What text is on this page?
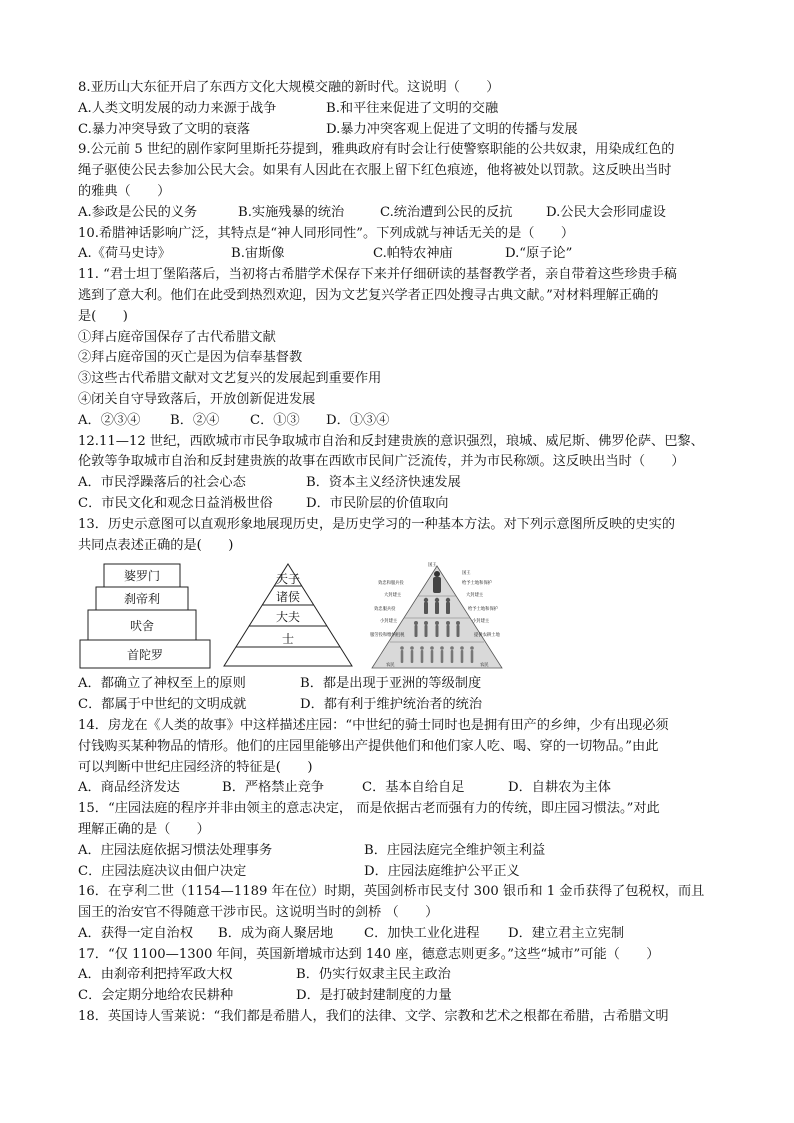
8.亚历山大东征开启了东西方文化大规模交融的新时代。这说明（　　）
A.人类文明发展的动力来源于战争	B.和平往来促进了文明的交融
C.暴力冲突导致了文明的衰落	D.暴力冲突客观上促进了文明的传播与发展
9.公元前 5 世纪的剧作家阿里斯托芬提到，雅典政府有时会让行使警察职能的公共奴隶，用染成红色的
绳子驱使公民去参加公民大会。如果有人因此在衣服上留下红色痕迹，他将被处以罚款。这反映出当时
的雅典（　　）
A.参政是公民的义务	B.实施残暴的统治	C.统治遭到公民的反抗	D.公民大会形同虚设
10.希腊神话影响广泛，其特点是“神人同形同性”。下列成就与神话无关的是（　　）
A.《荷马史诗》	B.宙斯像	C.帕特农神庙	D.“原子论”
11. “君士坦丁堡陷落后，当初将古希腊学术保存下来并仔细研读的基督教学者，亲自带着这些珍贵手稿
逃到了意大利。他们在此受到热烈欢迎，因为文艺复兴学者正四处搜寻古典文献。”对材料理解正确的
是(　　)
①拜占庭帝国保存了古代希腊文献
②拜占庭帝国的灭亡是因为信奉基督教
③这些古代希腊文献对文艺复兴的发展起到重要作用
④闭关自守导致落后，开放创新促进发展
A．②③④	B．②④	C．①③	D．①③④
12.11—12 世纪，西欧城市市民争取城市自治和反封建贵族的意识强烈，琅城、威尼斯、佛罗伦萨、巴黎、
伦敦等争取城市自治和反封建贵族的故事在西欧市民间广泛流传，并为市民称颂。这反映出当时（　　）
A．市民浮躁落后的社会心态	B．资本主义经济快速发展
C．市民文化和观念日益消极世俗	D．市民阶层的价值取向
13．历史示意图可以直观形象地展现历史，是历史学习的一种基本方法。对下列示意图所反映的史实的
共同点表述正确的是(　　)
婆罗门
刹帝利
吠舍
首陀罗
天子
诸侯
大夫
士
国王
效忠和服兵役
大封建主
效忠服兵役
小封建主
服劳役和缴纳租税
国王
给予土地和保护
大封建主
给予土地和保护
小封建主
提供农耕土地
农民	农民
A．都确立了神权至上的原则	B．都是出现于亚洲的等级制度
C．都属于中世纪的文明成就	D．都有利于维护统治者的统治
14．房龙在《人类的故事》中这样描述庄园：“中世纪的骑士同时也是拥有田产的乡绅，少有出现必须
付钱购买某种物品的情形。他们的庄园里能够出产提供他们和他们家人吃、喝、穿的一切物品。”由此
可以判断中世纪庄园经济的特征是(　　)
A．商品经济发达	B．严格禁止竞争	C．基本自给自足	D．自耕农为主体
15．“庄园法庭的程序并非由领主的意志决定， 而是依据古老而强有力的传统，即庄园习惯法。”对此
理解正确的是（　　）
A．庄园法庭依据习惯法处理事务	B．庄园法庭完全维护领主利益
C．庄园法庭决议由佃户决定	D．庄园法庭维护公平正义
16．在亨利二世（1154—1189 年在位）时期，英国剑桥市民支付 300 银币和 1 金币获得了包税权，而且
国王的治安官不得随意干涉市民。这说明当时的剑桥 （　　）
A．获得一定自治权	B．成为商人聚居地	C．加快工业化进程	D．建立君主立宪制
17．“仅 1100—1300 年间，英国新增城市达到 140 座，德意志则更多。”这些“城市”可能（　　）
A．由刹帝利把持军政大权	B．仍实行奴隶主民主政治
C．会定期分地给农民耕种	D．是打破封建制度的力量
18．英国诗人雪莱说：“我们都是希腊人，我们的法律、文学、宗教和艺术之根都在希腊，古希腊文明
